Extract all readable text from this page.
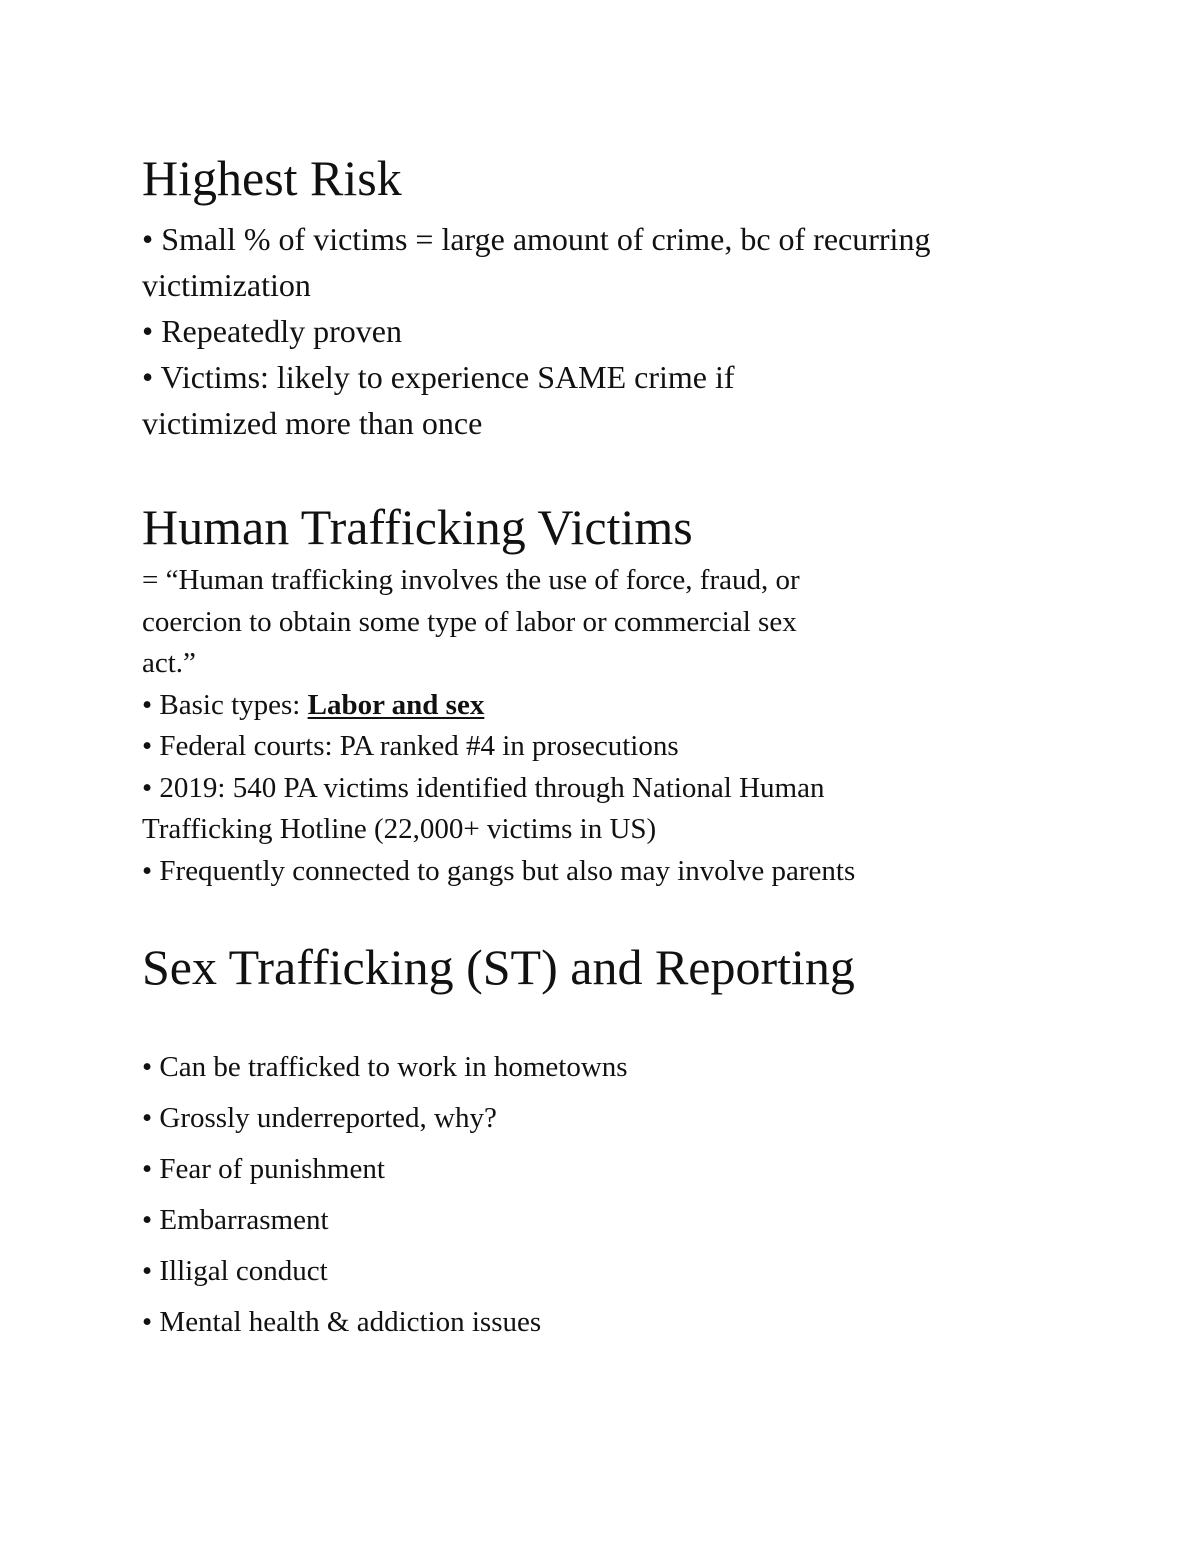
Highest Risk
• Small % of victims = large amount of crime, bc of recurring
victimization
• Repeatedly proven
• Victims: likely to experience SAME crime if
victimized more than once
Human Trafficking Victims
= “Human trafficking involves the use of force, fraud, or
coercion to obtain some type of labor or commercial sex
act.”
• Basic types: Labor and sex
• Federal courts: PA ranked #4 in prosecutions
• 2019: 540 PA victims identified through National Human
Trafficking Hotline (22,000+ victims in US)
• Frequently connected to gangs but also may involve parents
Sex Trafficking (ST) and Reporting
• Can be trafficked to work in hometowns
• Grossly underreported, why?
• Fear of punishment
• Embarrasment
• Illigal conduct
• Mental health & addiction issues
